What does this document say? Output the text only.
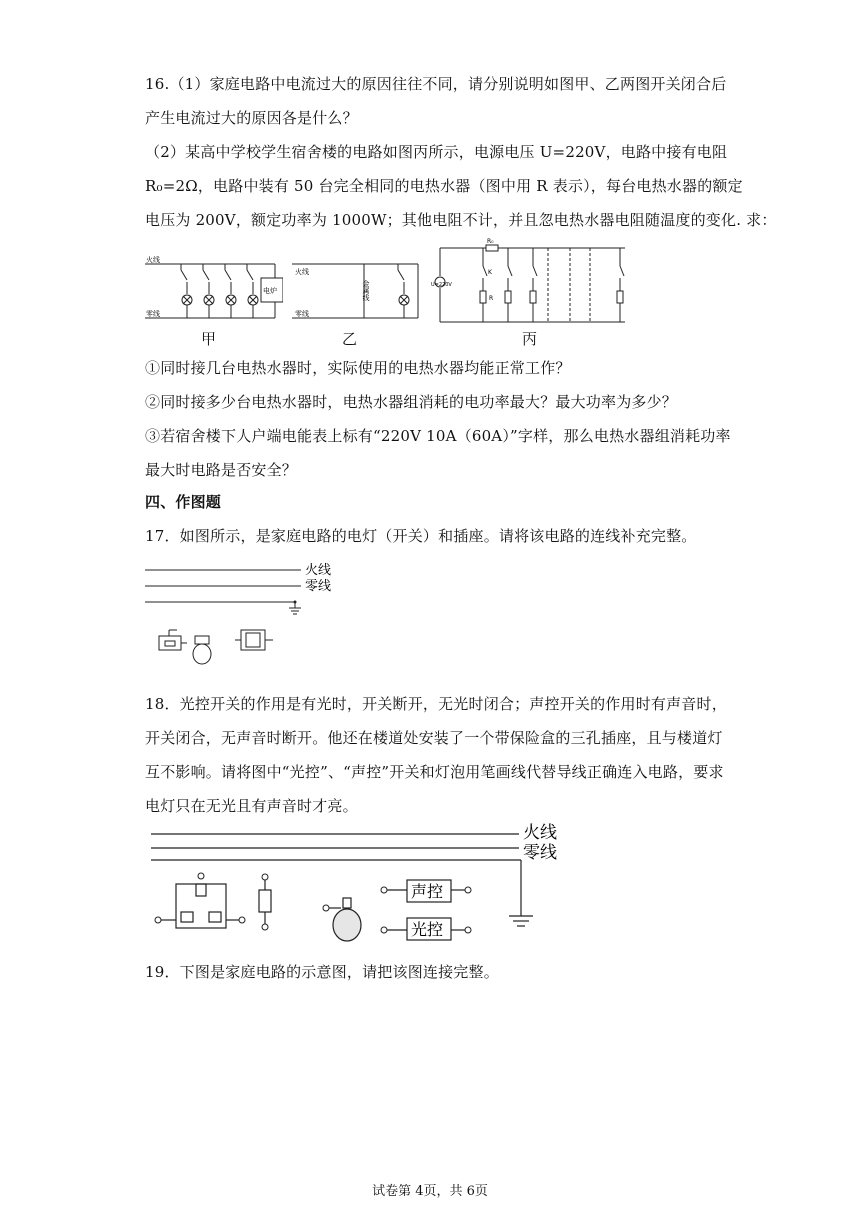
16.（1）家庭电路中电流过大的原因往往不同，请分别说明如图甲、乙两图开关闭合后
产生电流过大的原因各是什么？
（2）某高中学校学生宿舍楼的电路如图丙所示，电源电压 U=220V，电路中接有电阻
R₀=2Ω，电路中装有 50 台完全相同的电热水器（图中用 R 表示），每台电热水器的额定
电压为 200V，额定功率为 1000W；其他电阻不计，并且忽电热水器电阻随温度的变化. 求：
火线
零线
电炉
甲
火线
零线
金属线
乙
R₀
U=220V
K
R
丙
①同时接几台电热水器时，实际使用的电热水器均能正常工作？
②同时接多少台电热水器时，电热水器组消耗的电功率最大？最大功率为多少？
③若宿舍楼下人户端电能表上标有“220V 10A（60A）”字样，那么电热水器组消耗功率
最大时电路是否安全？
四、作图题
17．如图所示，是家庭电路的电灯（开关）和插座。请将该电路的连线补充完整。
火线
零线
18．光控开关的作用是有光时，开关断开，无光时闭合；声控开关的作用时有声音时，
开关闭合，无声音时断开。他还在楼道处安装了一个带保险盒的三孔插座，且与楼道灯
互不影响。请将图中“光控”、“声控”开关和灯泡用笔画线代替导线正确连入电路，要求
电灯只在无光且有声音时才亮。
火线
零线
声控
光控
19．下图是家庭电路的示意图，请把该图连接完整。
试卷第 4页，共 6页
